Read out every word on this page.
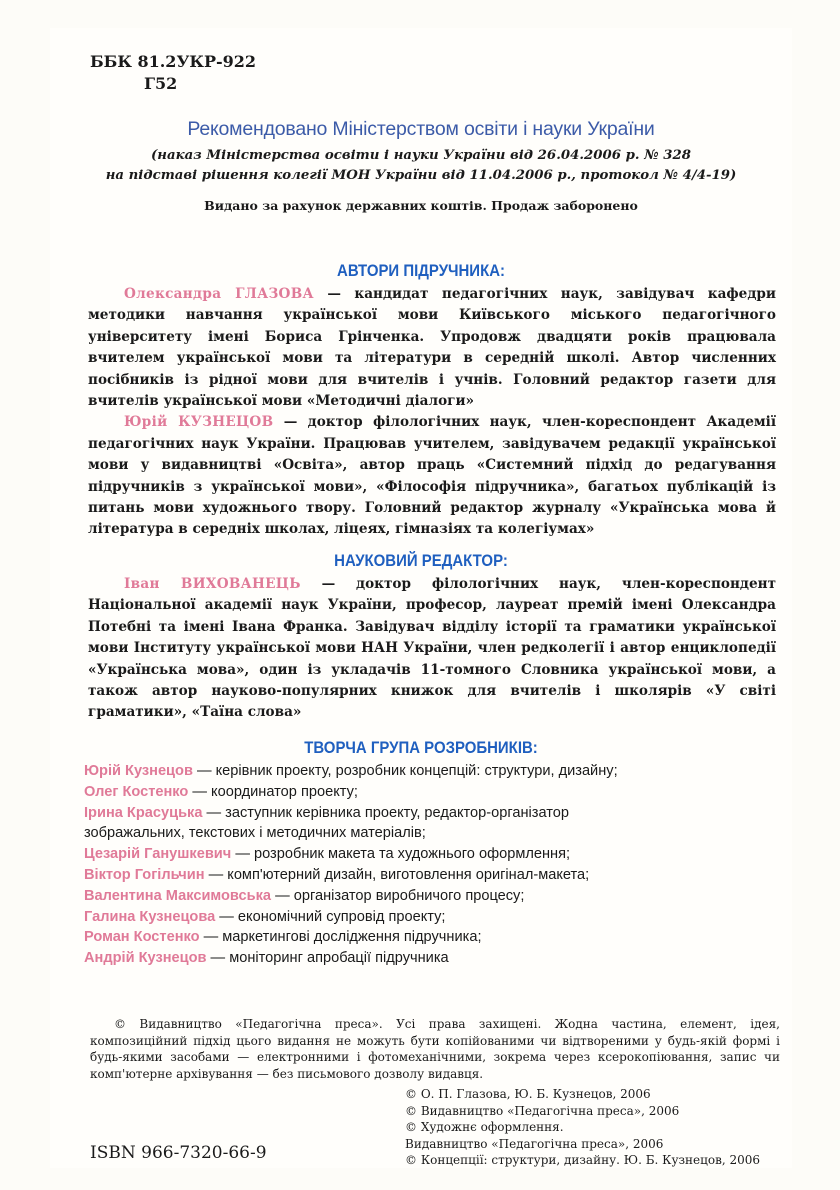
ББК 81.2УКР-922
Г52
Рекомендовано Міністерством освіти і науки України
(наказ Міністерства освіти і науки України від 26.04.2006 р. № 328
на підставі рішення колегії МОН України від 11.04.2006 р., протокол № 4/4-19)
Видано за рахунок державних коштів. Продаж заборонено
АВТОРИ ПІДРУЧНИКА:

Олександра ГЛАЗОВА — кандидат педагогічних наук, завідувач кафедри методики навчання української мови Київського міського педагогічного університету імені Бориса Грінченка. Упродовж двадцяти років працювала вчителем української мови та літератури в середній школі. Автор численних посібників із рідної мови для вчителів і учнів. Головний редактор газети для вчителів української мови «Методичні діалоги»

Юрій КУЗНЕЦОВ — доктор філологічних наук, член-кореспондент Академії педагогічних наук України. Працював учителем, завідувачем редакції української мови у видавництві «Освіта», автор праць «Системний підхід до редагування підручників з української мови», «Філософія підручника», багатьох публікацій із питань мови художнього твору. Головний редактор журналу «Українська мова й література в середніх школах, ліцеях, гімназіях та колегіумах»

НАУКОВИЙ РЕДАКТОР:

Іван ВИХОВАНЕЦЬ — доктор філологічних наук, член-кореспондент Національної академії наук України, професор, лауреат премій імені Олександра Потебні та імені Івана Франка. Завідувач відділу історії та граматики української мови Інституту української мови НАН України, член редколегії і автор енциклопедії «Українська мова», один із укладачів 11-томного Словника української мови, а також автор науково-популярних книжок для вчителів і школярів «У світі граматики», «Таїна слова»

ТВОРЧА ГРУПА РОЗРОБНИКІВ:
Юрій Кузнецов — керівник проекту, розробник концепцій: структури, дизайну;
Олег Костенко — координатор проекту;
Ірина Красуцька — заступник керівника проекту, редактор-організатор
зображальних, текстових і методичних матеріалів;
Цезарій Ганушкевич — розробник макета та художнього оформлення;
Віктор Гогільчин — комп'ютерний дизайн, виготовлення оригінал-макета;
Валентина Максимовська — організатор виробничого процесу;
Галина Кузнецова — економічний супровід проекту;
Роман Костенко — маркетингові дослідження підручника;
Андрій Кузнецов — моніторинг апробації підручника

© Видавництво «Педагогічна преса». Усі права захищені. Жодна частина, елемент, ідея, композиційний підхід цього видання не можуть бути копійованими чи відтвореними у будь-якій формі і будь-якими засобами — електронними і фотомеханічними, зокрема через ксерокопіювання, запис чи комп'ютерне архівування — без письмового дозволу видавця.

© О. П. Глазова, Ю. Б. Кузнецов, 2006
© Видавництво «Педагогічна преса», 2006
© Художнє оформлення.
Видавництво «Педагогічна преса», 2006
© Концепції: структури, дизайну. Ю. Б. Кузнецов, 2006
ISBN 966-7320-66-9
